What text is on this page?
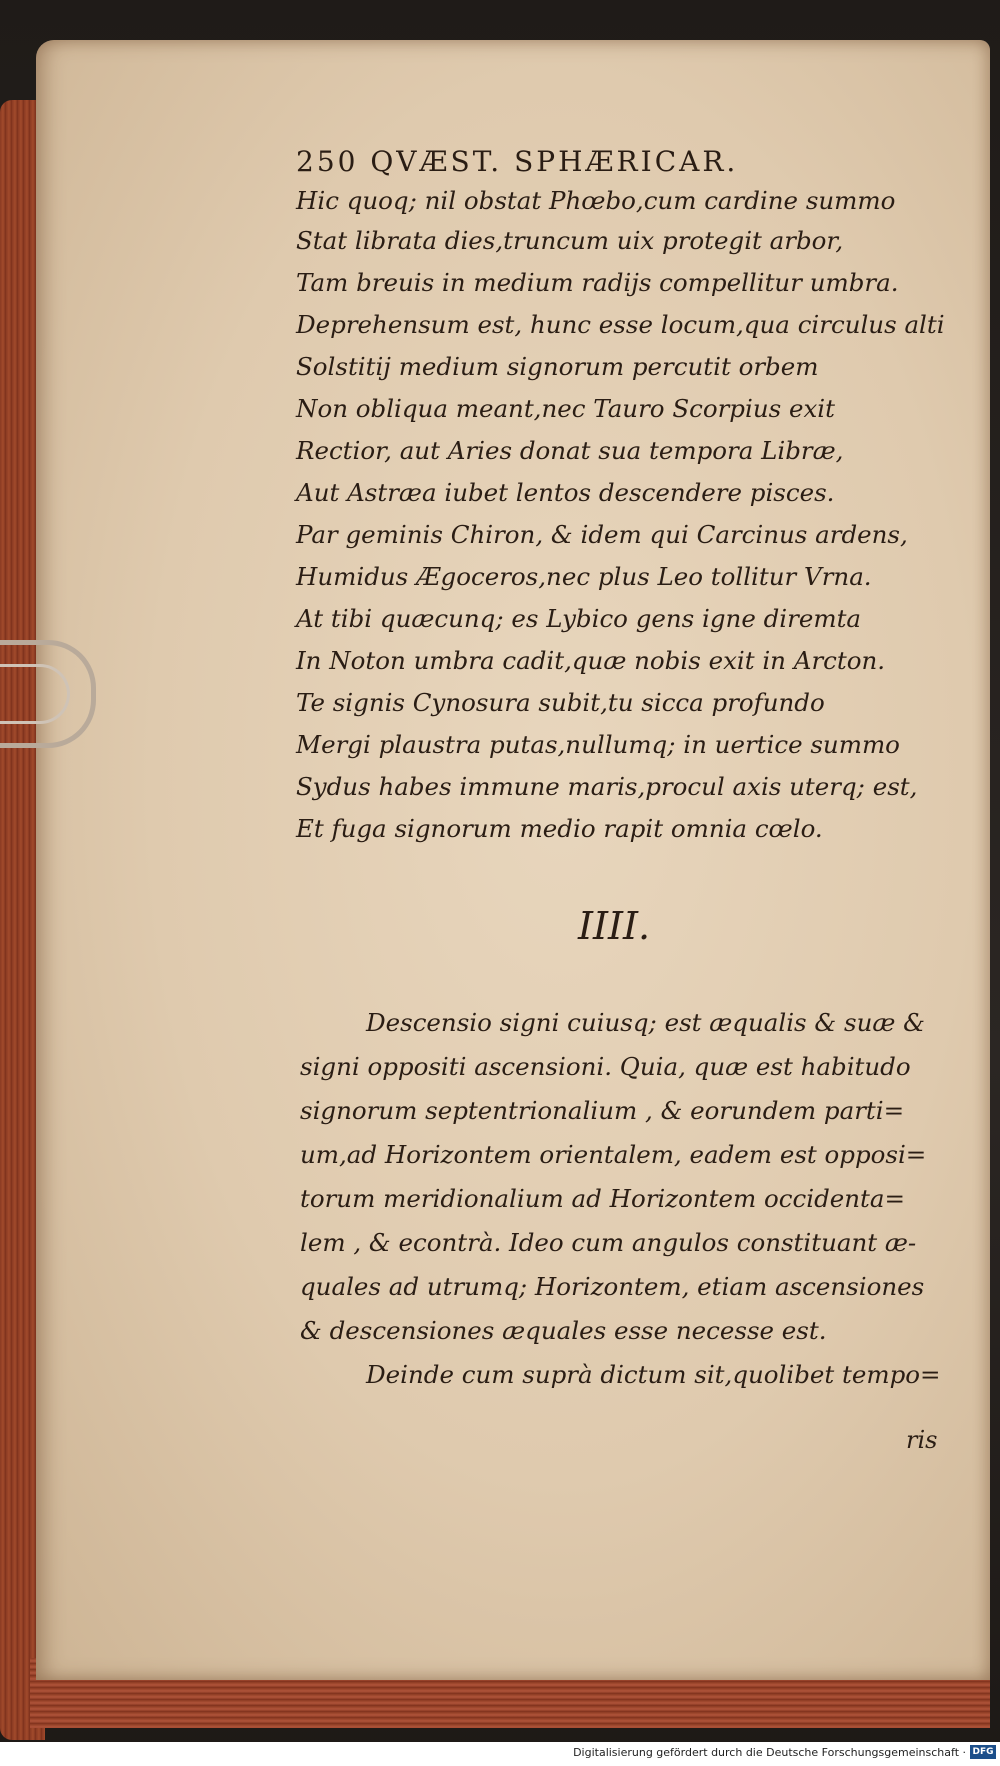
250 QVÆST. SPHÆRICAR.
Hic quoq; nil obstat Phœbo,cum cardine summo
Stat librata dies,truncum uix protegit arbor,
Tam breuis in medium radijs compellitur umbra.
Deprehensum est, hunc esse locum,qua circulus alti
Solstitij medium signorum percutit orbem
Non obliqua meant,nec Tauro Scorpius exit
Rectior, aut Aries donat sua tempora Libræ,
Aut Astræa iubet lentos descendere pisces.
Par geminis Chiron, & idem qui Carcinus ardens,
Humidus Ægoceros,nec plus Leo tollitur Vrna.
At tibi quæcunq; es Lybico gens igne diremta
In Noton umbra cadit,quæ nobis exit in Arcton.
Te signis Cynosura subit,tu sicca profundo
Mergi plaustra putas,nullumq; in uertice summo
Sydus habes immune maris,procul axis uterq; est,
Et fuga signorum medio rapit omnia cœlo.
IIII.
Descensio signi cuiusq; est æqualis & suæ &
signi oppositi ascensioni. Quia, quæ est habitudo
signorum septentrionalium , & eorundem parti=
um,ad Horizontem orientalem, eadem est opposi=
torum meridionalium ad Horizontem occidenta=
lem , & econtrà. Ideo cum angulos constituant æ-
quales ad utrumq; Horizontem, etiam ascensiones
& descensiones æquales esse necesse est.
Deinde cum suprà dictum sit,quolibet tempo=
ris
Digitalisierung gefördert durch die Deutsche Forschungsgemeinschaft · DFG
